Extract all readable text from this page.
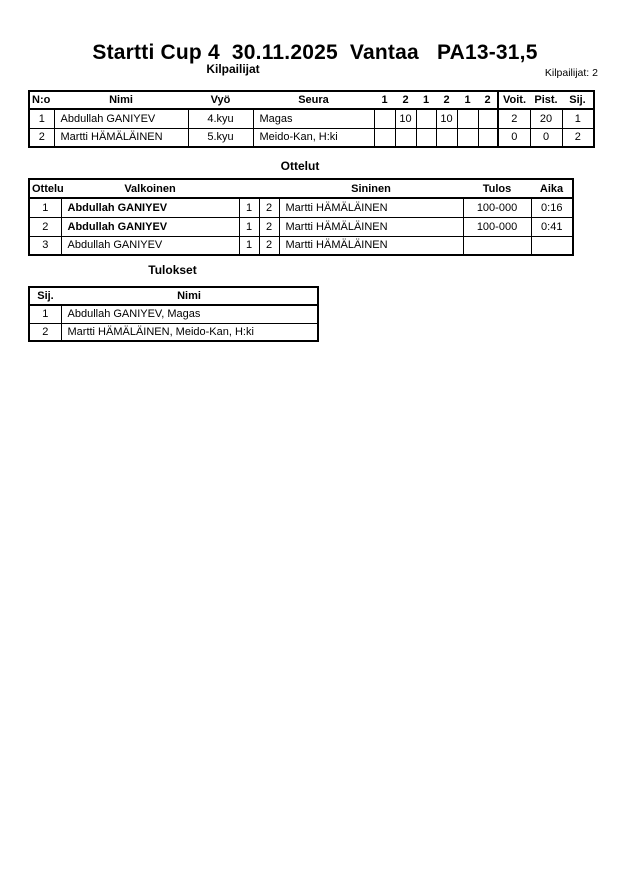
Startti Cup 4  30.11.2025  Vantaa   PA13-31,5
Kilpailijat	Kilpailijat: 2
N:o	Nimi	Vyö	Seura	1	2	1	2	1	2	Voit.	Pist.	Sij.
1	Abdullah GANIYEV	4.kyu	Magas		10		10			2	20	1
2	Martti HÄMÄLÄINEN	5.kyu	Meido-Kan, H:ki							0	0	2
Ottelut
Ottelu	Valkoinen			Sininen	Tulos	Aika
1	Abdullah GANIYEV	1	2	Martti HÄMÄLÄINEN	100-000	0:16
2	Abdullah GANIYEV	1	2	Martti HÄMÄLÄINEN	100-000	0:41
3	Abdullah GANIYEV	1	2	Martti HÄMÄLÄINEN		
Tulokset
Sij.	Nimi
1	Abdullah GANIYEV, Magas
2	Martti HÄMÄLÄINEN, Meido-Kan, H:ki
